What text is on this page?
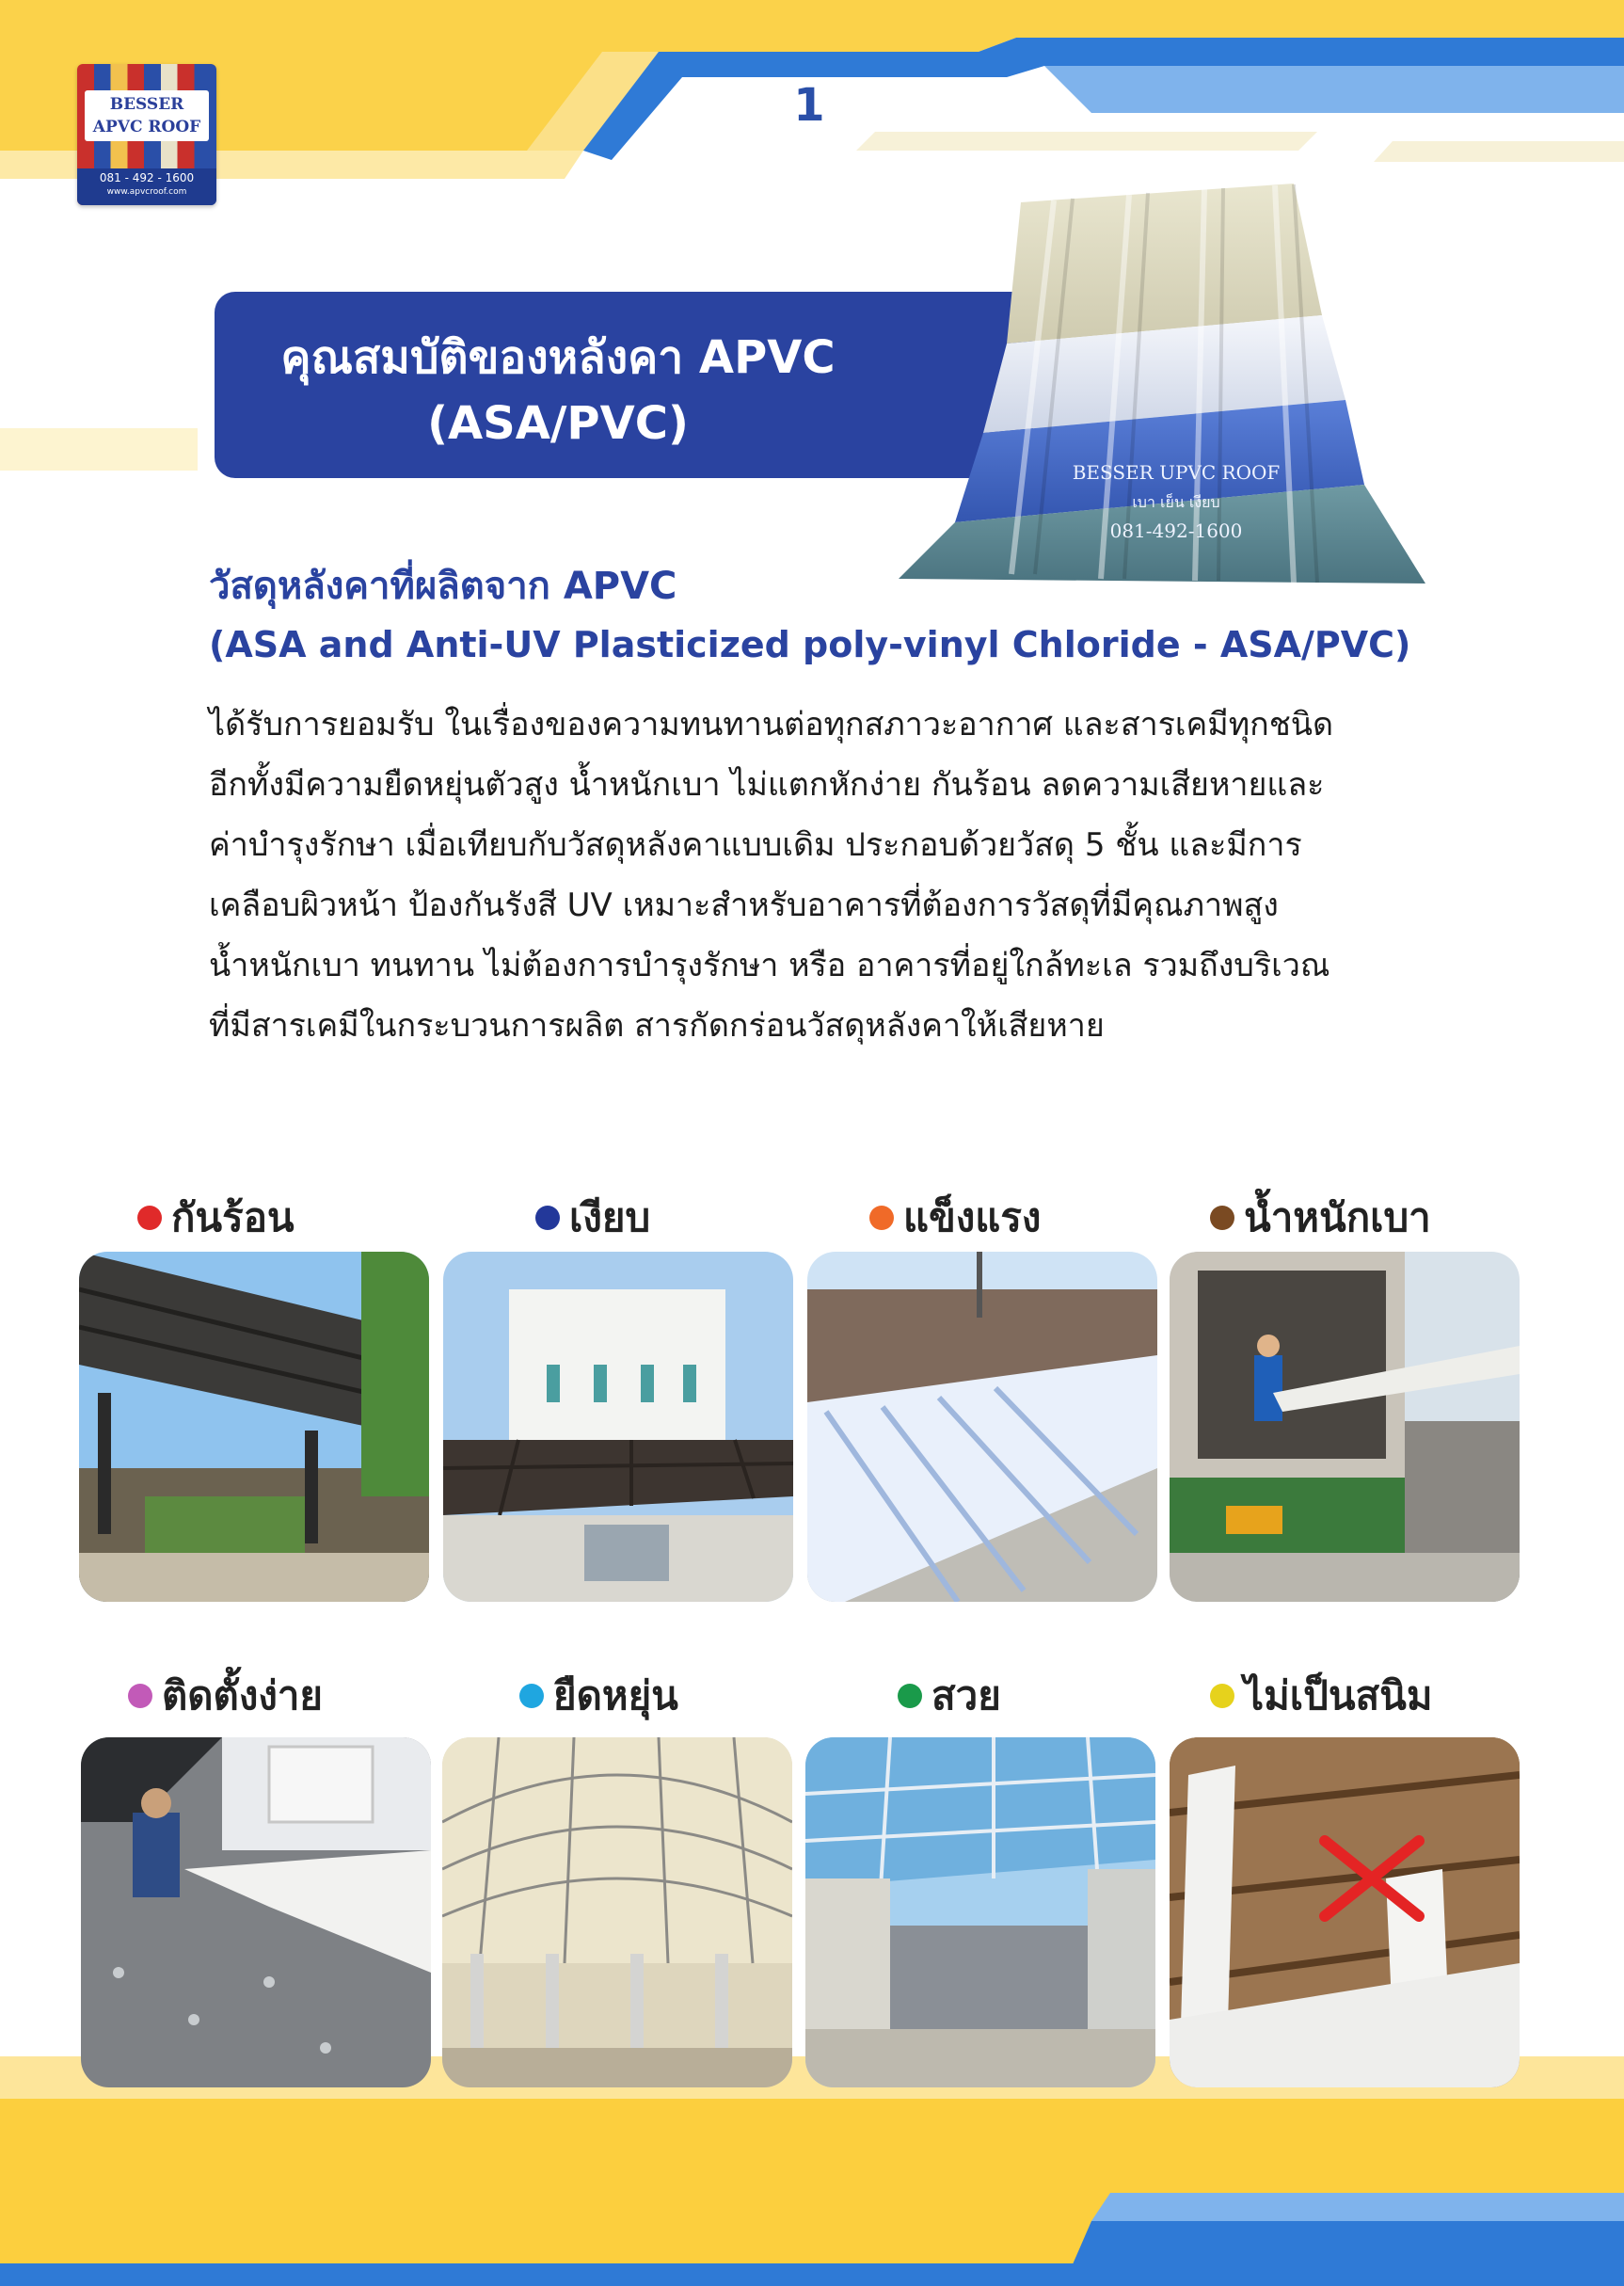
BESSER
APVC ROOF
081 - 492 - 1600
www.apvcroof.com
1
คุณสมบัติของหลังคา APVC
(ASA/PVC)
BESSER UPVC ROOF
เบา เย็น เงียบ
081-492-1600
วัสดุหลังคาที่ผลิตจาก APVC
(ASA and Anti-UV Plasticized poly-vinyl Chloride - ASA/PVC)
ได้รับการยอมรับ ในเรื่องของความทนทานต่อทุกสภาวะอากาศ และสารเคมีทุกชนิด
อีกทั้งมีความยืดหยุ่นตัวสูง น้ำหนักเบา ไม่แตกหักง่าย กันร้อน ลดความเสียหายและ
ค่าบำรุงรักษา เมื่อเทียบกับวัสดุหลังคาแบบเดิม ประกอบด้วยวัสดุ 5 ชั้น และมีการ
เคลือบผิวหน้า ป้องกันรังสี UV เหมาะสำหรับอาคารที่ต้องการวัสดุที่มีคุณภาพสูง
น้ำหนักเบา ทนทาน ไม่ต้องการบำรุงรักษา หรือ อาคารที่อยู่ใกล้ทะเล รวมถึงบริเวณ
ที่มีสารเคมีในกระบวนการผลิต สารกัดกร่อนวัสดุหลังคาให้เสียหาย
กันร้อน	เงียบ	แข็งแรง	น้ำหนักเบา
ติดตั้งง่าย	ยืดหยุ่น	สวย	ไม่เป็นสนิม
